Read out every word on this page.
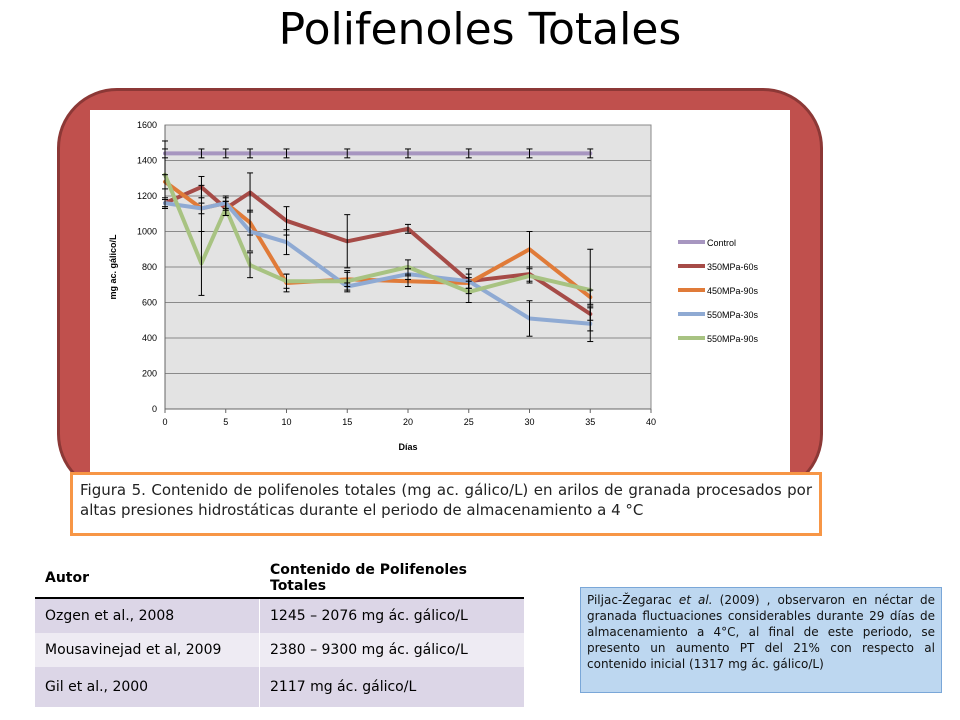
Polifenoles Totales
0
200
400
600
800
1000
1200
1400
1600
0	5	10	15	20	25	30	35	40
Control
350MPa-60s
450MPa-90s
550MPa-30s
550MPa-90s
Días
mg ac. gálico/L
Figura 5. Contenido de polifenoles totales (mg ac. gálico/L) en arilos de granada procesados por altas presiones hidrostáticas durante el periodo de almacenamiento a 4 °C
Autor	Contenido de Polifenoles Totales
Ozgen et al., 2008	1245 – 2076 mg ác. gálico/L
Mousavinejad et al, 2009	2380 – 9300 mg ác. gálico/L
Gil et al., 2000	2117 mg ác. gálico/L
Piljac-Žegarac et al. (2009) , observaron en néctar de granada fluctuaciones considerables durante 29 días de almacenamiento a 4°C, al final de este periodo, se presento un aumento PT del 21% con respecto al contenido inicial (1317 mg ác. gálico/L)
